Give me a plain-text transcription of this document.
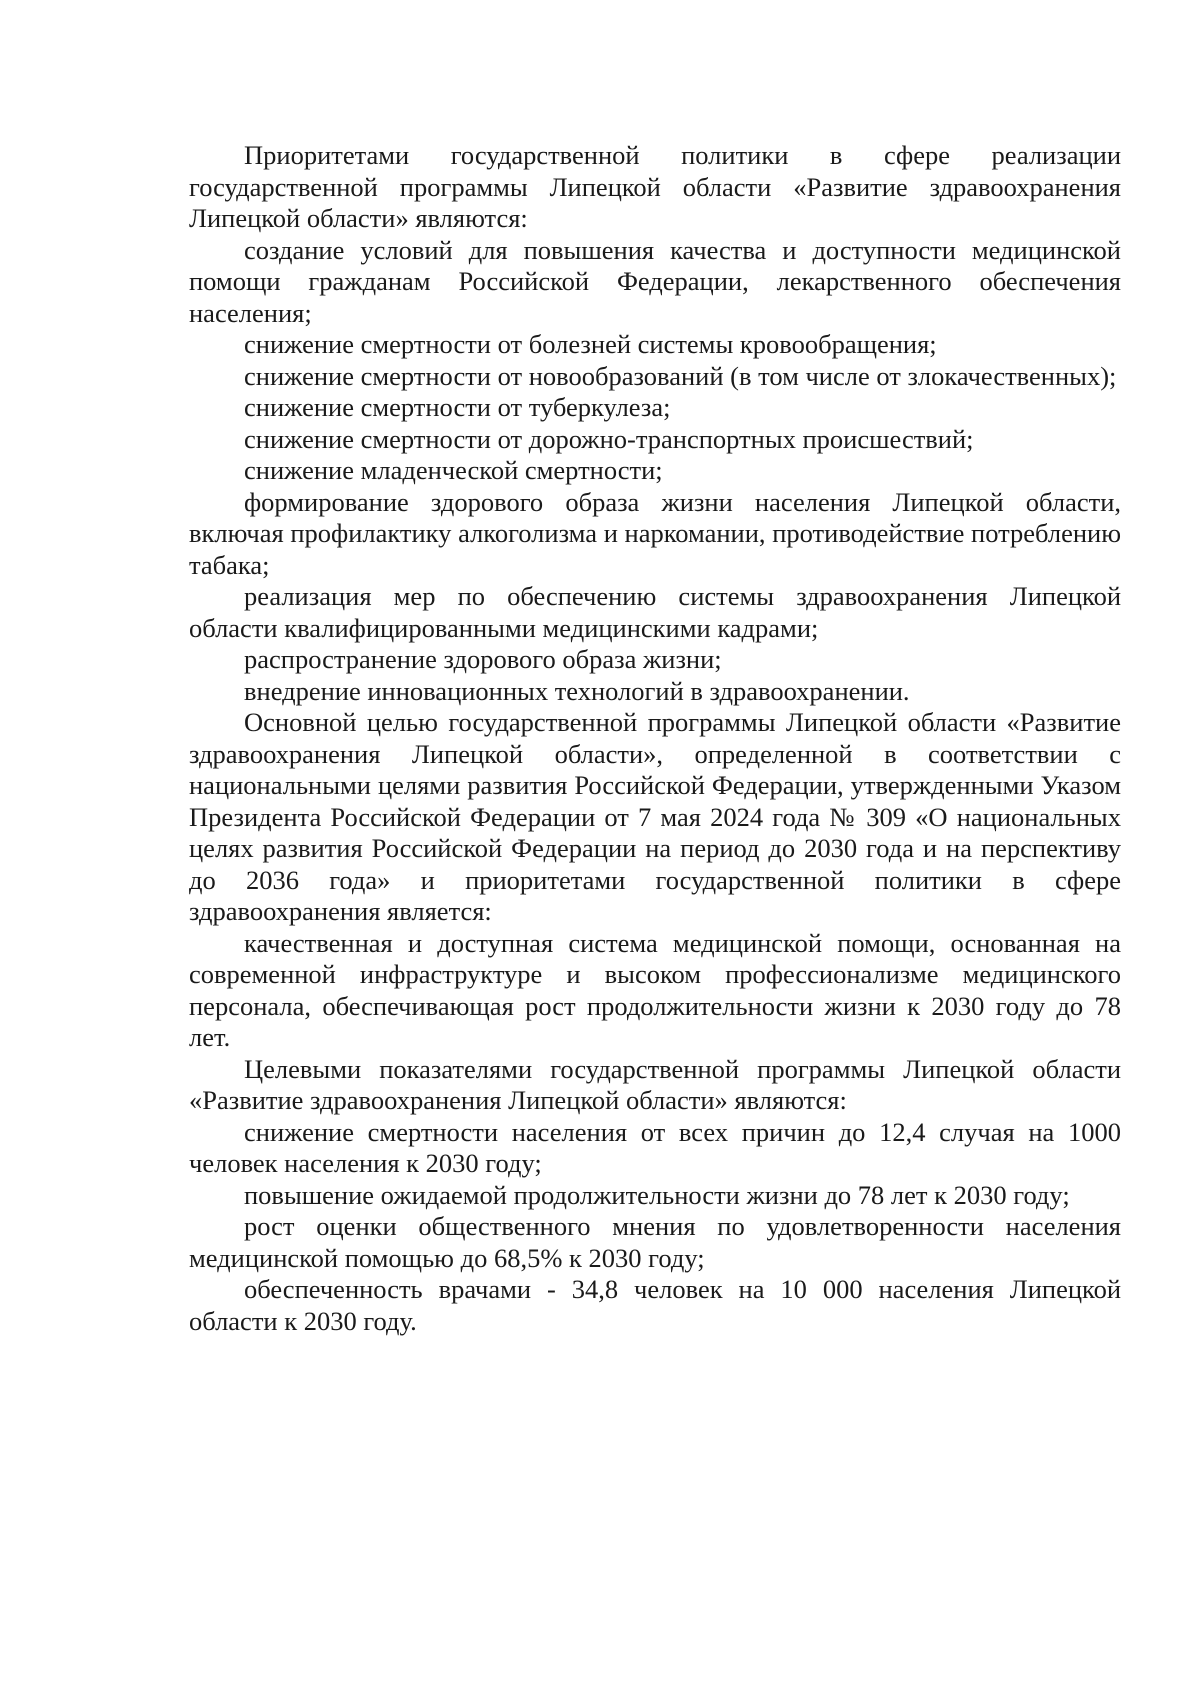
Приоритетами государственной политики в сфере реализации государственной программы Липецкой области «Развитие здравоохранения Липецкой области» являются:

создание условий для повышения качества и доступности медицинской помощи гражданам Российской Федерации, лекарственного обеспечения населения;

снижение смертности от болезней системы кровообращения;

снижение смертности от новообразований (в том числе от злокачественных);

снижение смертности от туберкулеза;

снижение смертности от дорожно-транспортных происшествий;

снижение младенческой смертности;

формирование здорового образа жизни населения Липецкой области, включая профилактику алкоголизма и наркомании, противодействие потреблению табака;

реализация мер по обеспечению системы здравоохранения Липецкой области квалифицированными медицинскими кадрами;

распространение здорового образа жизни;

внедрение инновационных технологий в здравоохранении.

Основной целью государственной программы Липецкой области «Развитие здравоохранения Липецкой области», определенной в соответствии с национальными целями развития Российской Федерации, утвержденными Указом Президента Российской Федерации от 7 мая 2024 года № 309 «О национальных целях развития Российской Федерации на период до 2030 года и на перспективу до 2036 года» и приоритетами государственной политики в сфере здравоохранения является:

качественная и доступная система медицинской помощи, основанная на современной инфраструктуре и высоком профессионализме медицинского персонала, обеспечивающая рост продолжительности жизни к 2030 году до 78 лет.

Целевыми показателями государственной программы Липецкой области «Развитие здравоохранения Липецкой области» являются:

снижение смертности населения от всех причин до 12,4 случая на 1000 человек населения к 2030 году;

повышение ожидаемой продолжительности жизни до 78 лет к 2030 году;

рост оценки общественного мнения по удовлетворенности населения медицинской помощью до 68,5% к 2030 году;

обеспеченность врачами - 34,8 человек на 10 000 населения Липецкой области к 2030 году.
